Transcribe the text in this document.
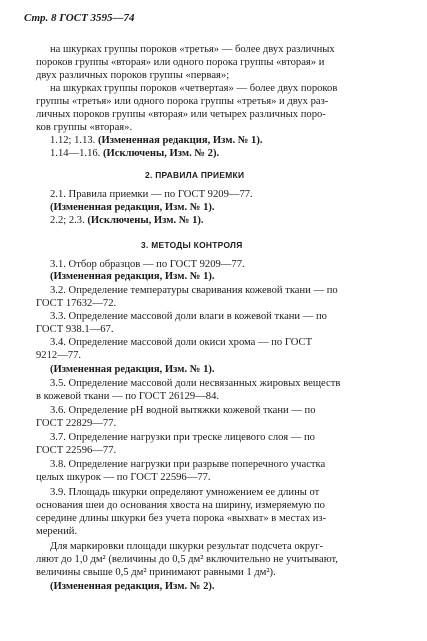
Стр. 8 ГОСТ 3595—74
на шкурках группы пороков «третья» — более двух различных
пороков группы «вторая» или одного порока группы «вторая» и
двух различных пороков группы «первая»;
на шкурках группы пороков «четвертая» — более двух пороков
группы «третья» или одного порока группы «третья» и двух раз-
личных пороков группы «вторая» или четырех различных поро-
ков группы «вторая».
1.12; 1.13. (Измененная редакция, Изм. № 1).
1.14—1.16. (Исключены, Изм. № 2).
2. ПРАВИЛА ПРИЕМКИ
2.1. Правила приемки — по ГОСТ 9209—77.
(Измененная редакция, Изм. № 1).
2.2; 2.3. (Исключены, Изм. № 1).
3. МЕТОДЫ КОНТРОЛЯ
3.1. Отбор образцов — по ГОСТ 9209—77.
(Измененная редакция, Изм. № 1).
3.2. Определение температуры сваривания кожевой ткани — по
ГОСТ 17632—72.
3.3. Определение массовой доли влаги в кожевой ткани — по
ГОСТ 938.1—67.
3.4. Определение массовой доли окиси хрома — по ГОСТ
9212—77.
(Измененная редакция, Изм. № 1).
3.5. Определение массовой доли несвязанных жировых веществ
в кожевой ткани — по ГОСТ 26129—84.
3.6. Определение pH водной вытяжки кожевой ткани — по
ГОСТ 22829—77.
3.7. Определение нагрузки при треске лицевого слоя — по
ГОСТ 22596—77.
3.8. Определение нагрузки при разрыве поперечного участка
целых шкурок — по ГОСТ 22596—77.
3.9. Площадь шкурки определяют умножением ее длины от
основания шеи до основания хвоста на ширину, измеряемую по
середине длины шкурки без учета порока «выхват» в местах из-
мерений.
Для маркировки площади шкурки результат подсчета округ-
ляют до 1,0 дм² (величины до 0,5 дм² включительно не учитывают,
величины свыше 0,5 дм² принимают равными 1 дм²).
(Измененная редакция, Изм. № 2).
